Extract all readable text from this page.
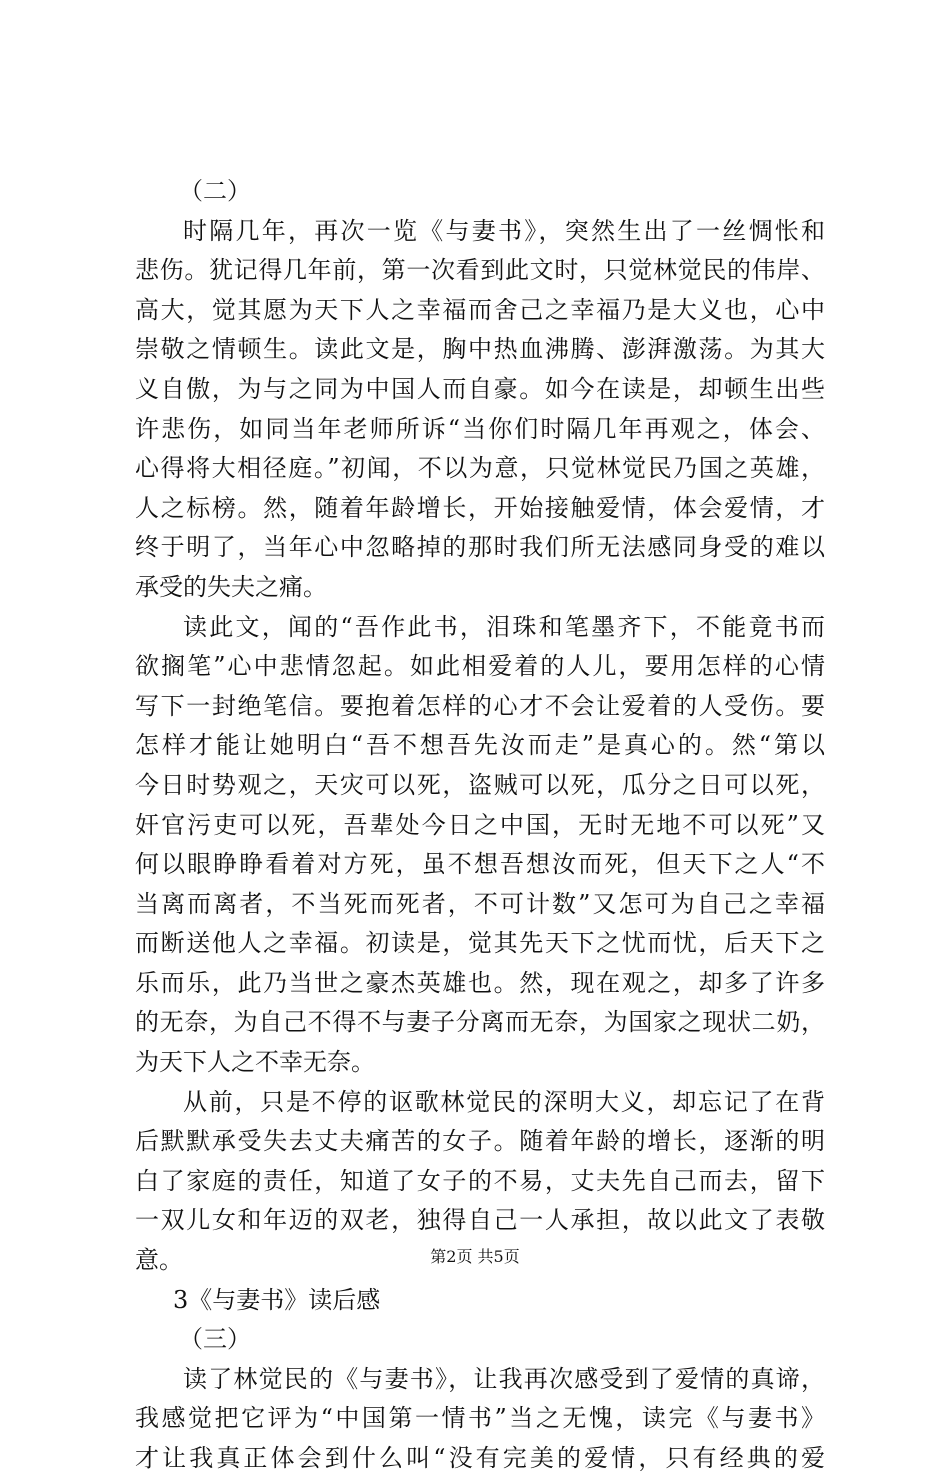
（二）
时隔几年，再次一览《与妻书》，突然生出了一丝惆怅和
悲伤。犹记得几年前，第一次看到此文时，只觉林觉民的伟岸、
高大，觉其愿为天下人之幸福而舍己之幸福乃是大义也，心中
崇敬之情顿生。读此文是，胸中热血沸腾、澎湃激荡。为其大
义自傲，为与之同为中国人而自豪。如今在读是，却顿生出些
许悲伤，如同当年老师所诉“当你们时隔几年再观之，体会、
心得将大相径庭。”初闻，不以为意，只觉林觉民乃国之英雄，
人之标榜。然，随着年龄增长，开始接触爱情，体会爱情，才
终于明了，当年心中忽略掉的那时我们所无法感同身受的难以
承受的失夫之痛。
读此文，闻的“吾作此书，泪珠和笔墨齐下，不能竟书而
欲搁笔”心中悲情忽起。如此相爱着的人儿，要用怎样的心情
写下一封绝笔信。要抱着怎样的心才不会让爱着的人受伤。要
怎样才能让她明白“吾不想吾先汝而走”是真心的。然“第以
今日时势观之，天灾可以死，盗贼可以死，瓜分之日可以死，
奸官污吏可以死，吾辈处今日之中国，无时无地不可以死”又
何以眼睁睁看着对方死，虽不想吾想汝而死，但天下之人“不
当离而离者，不当死而死者，不可计数”又怎可为自己之幸福
而断送他人之幸福。初读是，觉其先天下之忧而忧，后天下之
乐而乐，此乃当世之豪杰英雄也。然，现在观之，却多了许多
的无奈，为自己不得不与妻子分离而无奈，为国家之现状二奶，
为天下人之不幸无奈。
从前，只是不停的讴歌林觉民的深明大义，却忘记了在背
后默默承受失去丈夫痛苦的女子。随着年龄的增长，逐渐的明
白了家庭的责任，知道了女子的不易，丈夫先自己而去，留下
一双儿女和年迈的双老，独得自己一人承担，故以此文了表敬
意。
3《与妻书》读后感
（三）
读了林觉民的《与妻书》，让我再次感受到了爱情的真谛，
我感觉把它评为“中国第一情书”当之无愧，读完《与妻书》
才让我真正体会到什么叫“没有完美的爱情，只有经典的爱
第2页 共5页
